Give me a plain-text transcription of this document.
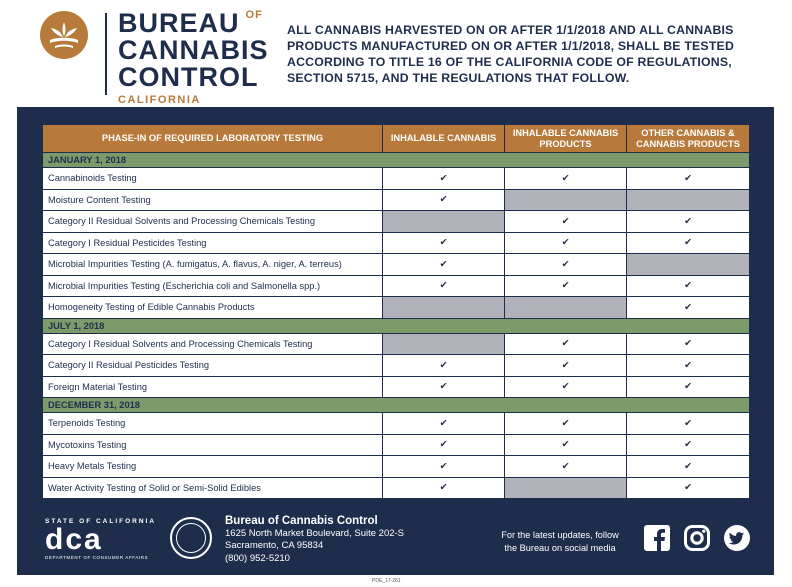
BUREAU $^{OF}$
CANNABIS
CONTROL
CALIFORNIA
ALL CANNABIS HARVESTED ON OR AFTER 1/1/2018 AND ALL CANNABIS PRODUCTS MANUFACTURED ON OR AFTER 1/1/2018, SHALL BE TESTED ACCORDING TO TITLE 16 OF THE CALIFORNIA CODE OF REGULATIONS, SECTION 5715, AND THE REGULATIONS THAT FOLLOW.
PHASE-IN OF REQUIRED LABORATORY TESTING	INHALABLE CANNABIS	INHALABLE CANNABIS PRODUCTS	OTHER CANNABIS & CANNABIS PRODUCTS
JANUARY 1, 2018			
Cannabinoids Testing	✔	✔	✔
Moisture Content Testing	✔		
Category II Residual Solvents and Processing Chemicals Testing		✔	✔
Category I Residual Pesticides Testing	✔	✔	✔
Microbial Impurities Testing (A. fumigatus, A. flavus, A. niger, A. terreus)	✔	✔	
Microbial Impurities Testing (Escherichia coli and Salmonella spp.)	✔	✔	✔
Homogeneity Testing of Edible Cannabis Products			✔
JULY 1, 2018			
Category I Residual Solvents and Processing Chemicals Testing		✔	✔
Category II Residual Pesticides Testing	✔	✔	✔
Foreign Material Testing	✔	✔	✔
DECEMBER 31, 2018			
Terpenoids Testing	✔	✔	✔
Mycotoxins Testing	✔	✔	✔
Heavy Metals Testing	✔	✔	✔
Water Activity Testing of Solid or Semi-Solid Edibles	✔		✔
STATE OF CALIFORNIA
dca
DEPARTMENT OF CONSUMER AFFAIRS
Bureau of Cannabis Control
1625 North Market Boulevard, Suite 202-S
Sacramento, CA 95834
(800) 952-5210
For the latest updates, follow
the Bureau on social media
PDE_17-261
